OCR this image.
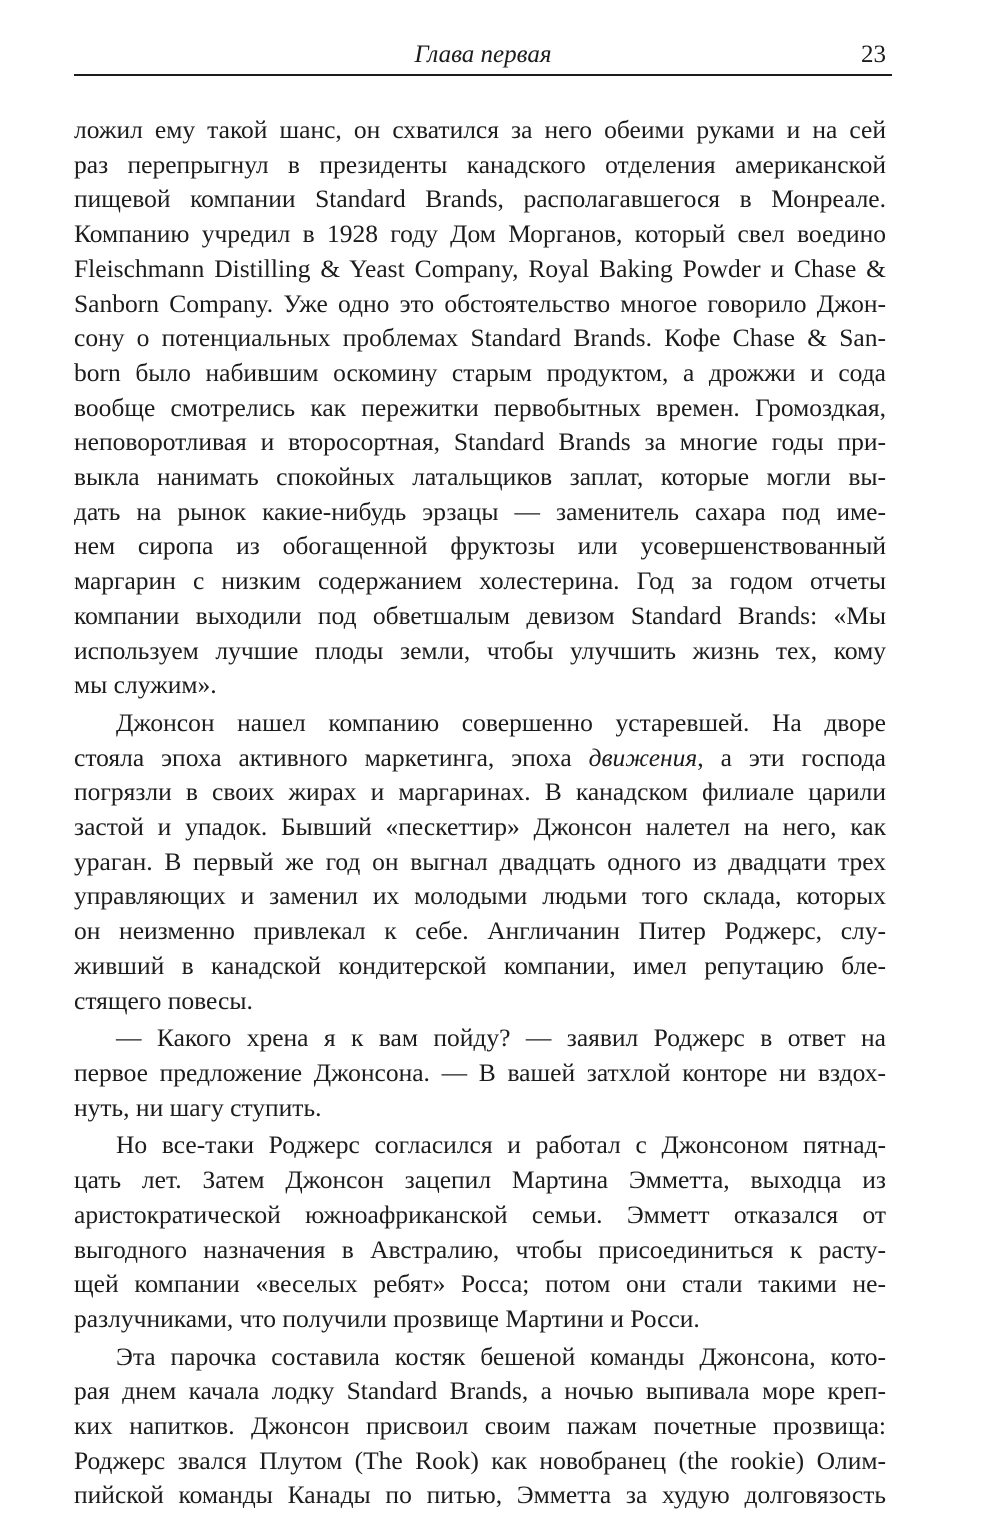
Глава первая	23

ложил ему такой шанс, он схватился за него обеими руками и на сей
раз перепрыгнул в президенты канадского отделения американской
пищевой компании Standard Brands, располагавшегося в Монреале.
Компанию учредил в 1928 году Дом Морганов, который свел воедино
Fleischmann Distilling & Yeast Company, Royal Baking Powder и Chase &
Sanborn Company. Уже одно это обстоятельство многое говорило Джон-
сону о потенциальных проблемах Standard Brands. Кофе Chase & San-
born было набившим оскомину старым продуктом, а дрожжи и сода
вообще смотрелись как пережитки первобытных времен. Громоздкая,
неповоротливая и второсортная, Standard Brands за многие годы при-
выкла нанимать спокойных латальщиков заплат, которые могли вы-
дать на рынок какие-нибудь эрзацы — заменитель сахара под име-
нем сиропа из обогащенной фруктозы или усовершенствованный
маргарин с низким содержанием холестерина. Год за годом отчеты
компании выходили под обветшалым девизом Standard Brands: «Мы
используем лучшие плоды земли, чтобы улучшить жизнь тех, кому
мы служим».

Джонсон нашел компанию совершенно устаревшей. На дворе
стояла эпоха активного маркетинга, эпоха движения, а эти господа
погрязли в своих жирах и маргаринах. В канадском филиале царили
застой и упадок. Бывший «пескеттир» Джонсон налетел на него, как
ураган. В первый же год он выгнал двадцать одного из двадцати трех
управляющих и заменил их молодыми людьми того склада, которых
он неизменно привлекал к себе. Англичанин Питер Роджерс, слу-
живший в канадской кондитерской компании, имел репутацию бле-
стящего повесы.

— Какого хрена я к вам пойду? — заявил Роджерс в ответ на
первое предложение Джонсона. — В вашей затхлой конторе ни вздох-
нуть, ни шагу ступить.

Но все-таки Роджерс согласился и работал с Джонсоном пятнад-
цать лет. Затем Джонсон зацепил Мартина Эмметта, выходца из
аристократической южноафриканской семьи. Эмметт отказался от
выгодного назначения в Австралию, чтобы присоединиться к расту-
щей компании «веселых ребят» Росса; потом они стали такими не-
разлучниками, что получили прозвище Мартини и Росси.

Эта парочка составила костяк бешеной команды Джонсона, кото-
рая днем качала лодку Standard Brands, а ночью выпивала море креп-
ких напитков. Джонсон присвоил своим пажам почетные прозвища:
Роджерс звался Плутом (The Rook) как новобранец (the rookie) Олим-
пийской команды Канады по питью, Эмметта за худую долговязость
